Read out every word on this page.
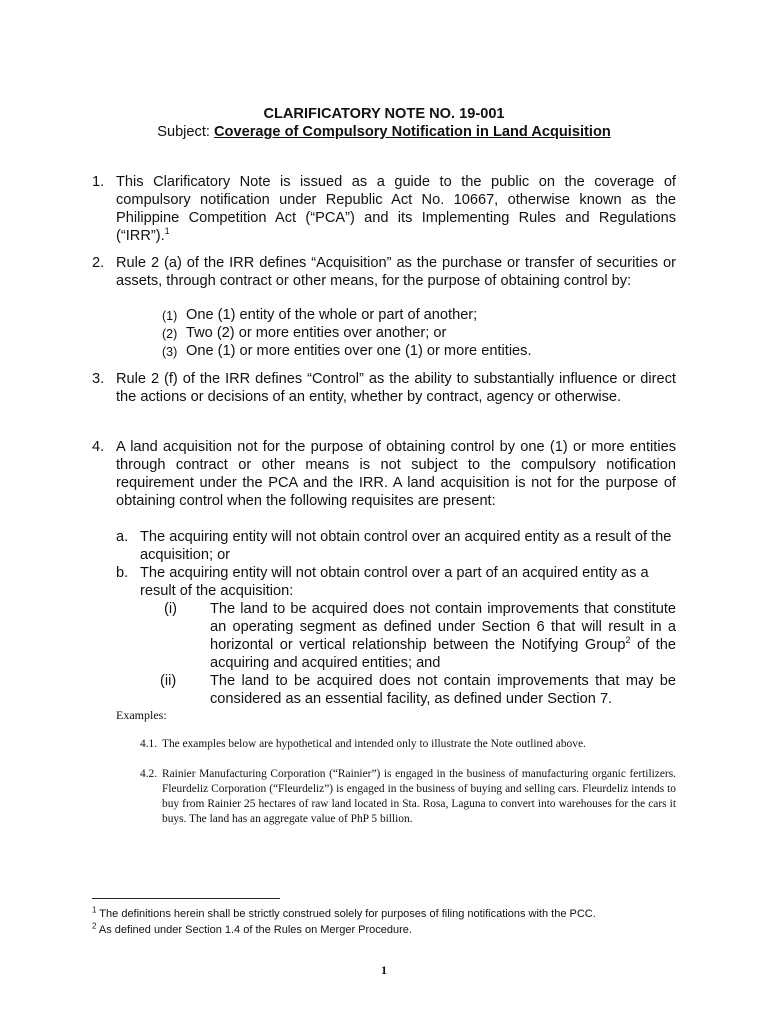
CLARIFICATORY NOTE NO. 19-001
Subject: Coverage of Compulsory Notification in Land Acquisition
1. This Clarificatory Note is issued as a guide to the public on the coverage of compulsory notification under Republic Act No. 10667, otherwise known as the Philippine Competition Act (“PCA”) and its Implementing Rules and Regulations (“IRR”).$^1$
2. Rule 2 (a) of the IRR defines “Acquisition” as the purchase or transfer of securities or assets, through contract or other means, for the purpose of obtaining control by:
(1) One (1) entity of the whole or part of another;
(2) Two (2) or more entities over another; or
(3) One (1) or more entities over one (1) or more entities.
3. Rule 2 (f) of the IRR defines “Control” as the ability to substantially influence or direct the actions or decisions of an entity, whether by contract, agency or otherwise.
4. A land acquisition not for the purpose of obtaining control by one (1) or more entities through contract or other means is not subject to the compulsory notification requirement under the PCA and the IRR. A land acquisition is not for the purpose of obtaining control when the following requisites are present:
a. The acquiring entity will not obtain control over an acquired entity as a result of the acquisition; or
b. The acquiring entity will not obtain control over a part of an acquired entity as a result of the acquisition:
(i) The land to be acquired does not contain improvements that constitute an operating segment as defined under Section 6 that will result in a horizontal or vertical relationship between the Notifying Group$^2$ of the acquiring and acquired entities; and
(ii) The land to be acquired does not contain improvements that may be considered as an essential facility, as defined under Section 7.
Examples:
4.1. The examples below are hypothetical and intended only to illustrate the Note outlined above.
4.2. Rainier Manufacturing Corporation (“Rainier”) is engaged in the business of manufacturing organic fertilizers. Fleurdeliz Corporation (“Fleurdeliz”) is engaged in the business of buying and selling cars. Fleurdeliz intends to buy from Rainier 25 hectares of raw land located in Sta. Rosa, Laguna to convert into warehouses for the cars it buys. The land has an aggregate value of PhP 5 billion.
$^1$ The definitions herein shall be strictly construed solely for purposes of filing notifications with the PCC.
$^2$ As defined under Section 1.4 of the Rules on Merger Procedure.
1
